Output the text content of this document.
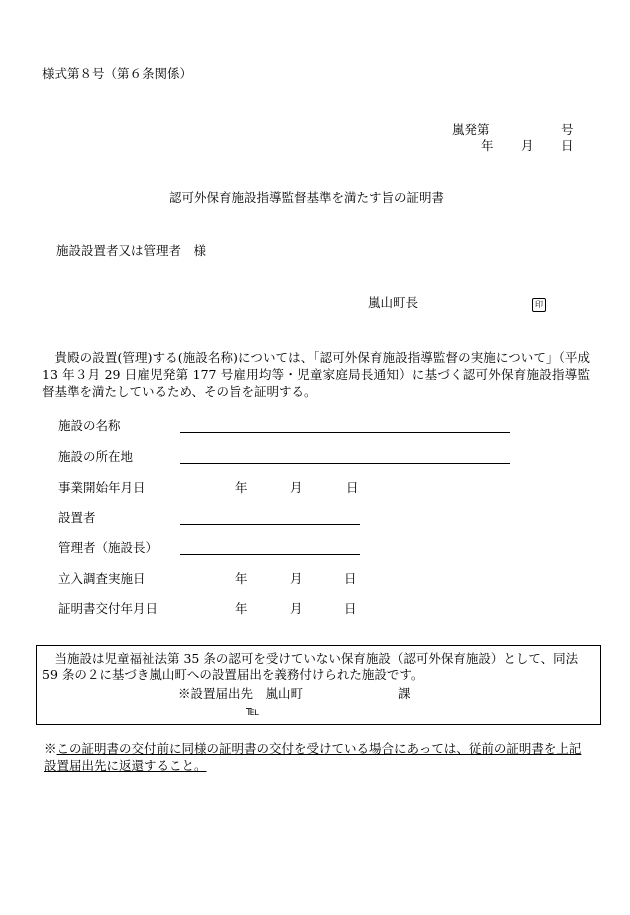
様式第８号（第６条関係）
嵐発第	号
年 月 日
認可外保育施設指導監督基準を満たす旨の証明書
施設設置者又は管理者　様
嵐山町長	印
貴殿の設置(管理)する(施設名称)については、「認可外保育施設指導監督の実施について」（平成 13 年３月 29 日雇児発第 177 号雇用均等・児童家庭局長通知）に基づく認可外保育施設指導監督基準を満たしているため、その旨を証明する。
施設の名称
施設の所在地
事業開始年月日	年	月	日
設置者
管理者（施設長）
立入調査実施日	年	月	日
証明書交付年月日	年	月	日
当施設は児童福祉法第 35 条の認可を受けていない保育施設（認可外保育施設）として、同法 59 条の２に基づき嵐山町への設置届出を義務付けられた施設です。
※設置届出先　嵐山町	課
℡
※この証明書の交付前に同様の証明書の交付を受けている場合にあっては、従前の証明書を上記設置届出先に返還すること。
